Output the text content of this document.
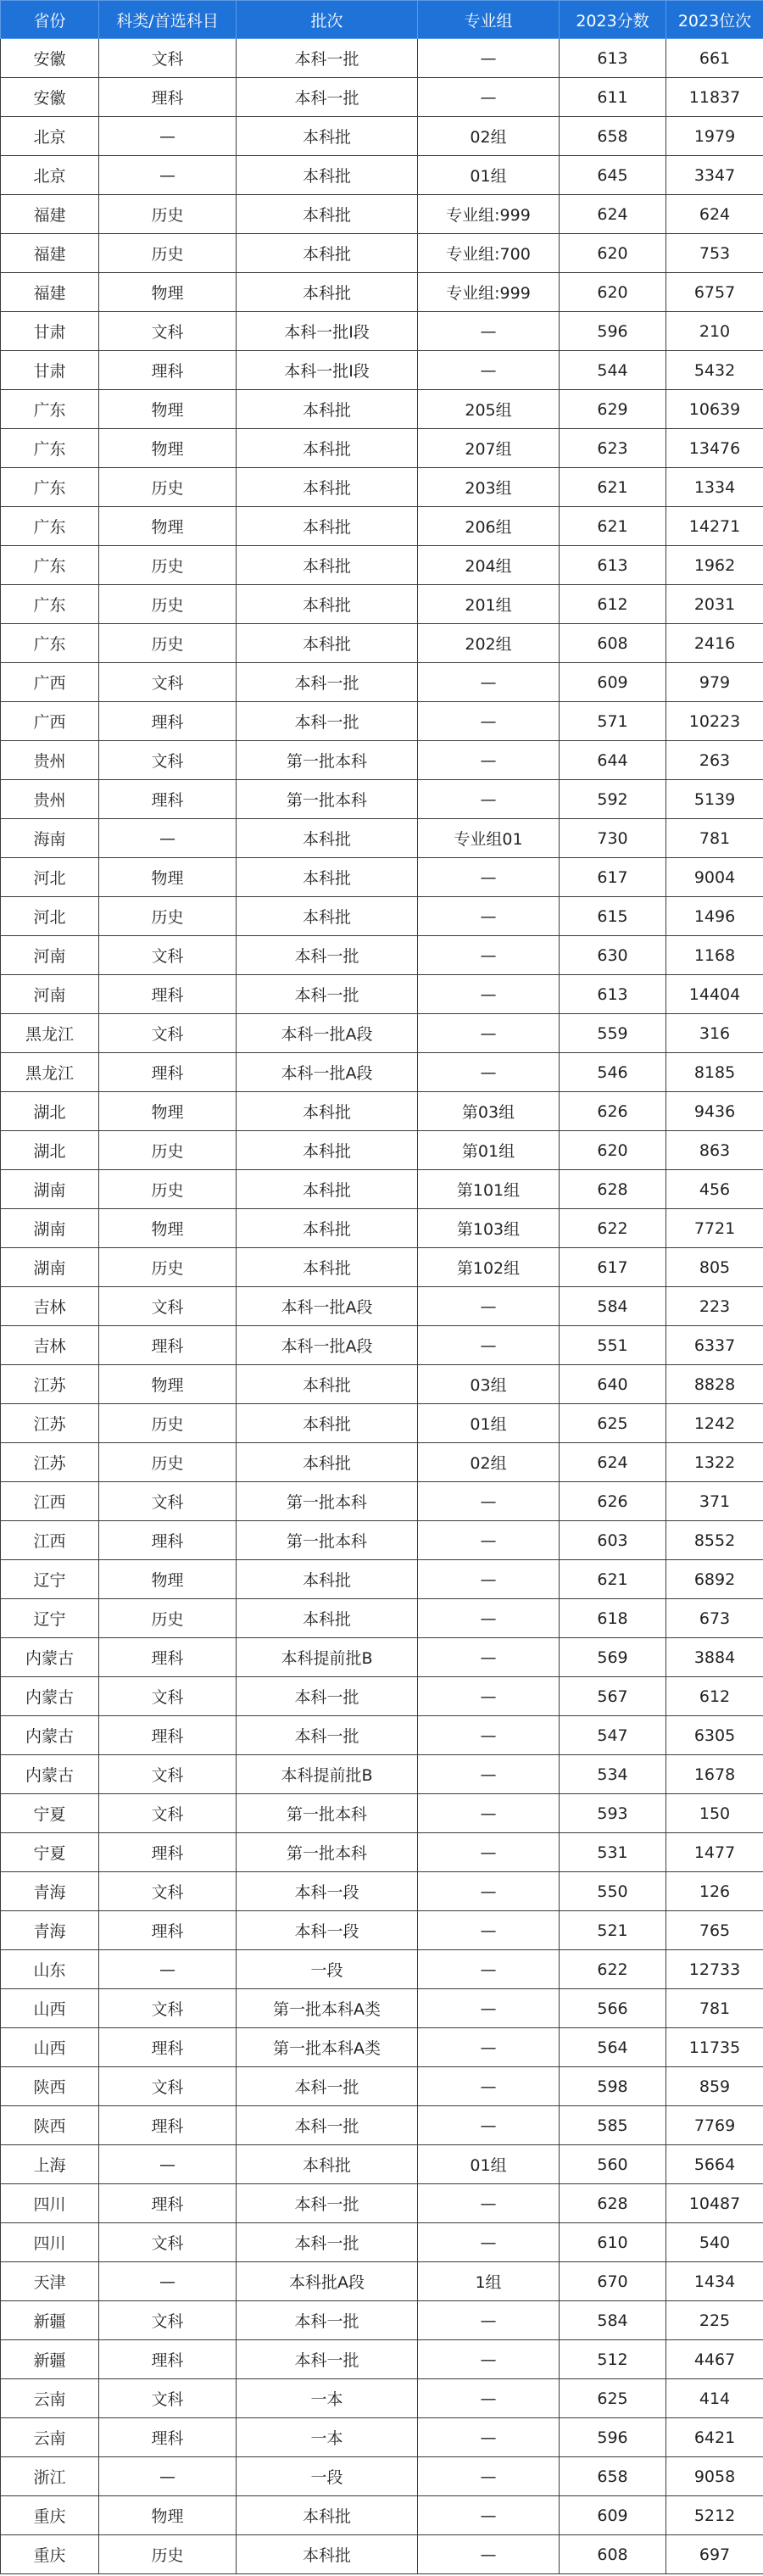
省份	科类/首选科目	批次	专业组	2023分数	2023位次
安徽	文科	本科一批	—	613	661
安徽	理科	本科一批	—	611	11837
北京	—	本科批	02组	658	1979
北京	—	本科批	01组	645	3347
福建	历史	本科批	专业组:999	624	624
福建	历史	本科批	专业组:700	620	753
福建	物理	本科批	专业组:999	620	6757
甘肃	文科	本科一批I段	—	596	210
甘肃	理科	本科一批I段	—	544	5432
广东	物理	本科批	205组	629	10639
广东	物理	本科批	207组	623	13476
广东	历史	本科批	203组	621	1334
广东	物理	本科批	206组	621	14271
广东	历史	本科批	204组	613	1962
广东	历史	本科批	201组	612	2031
广东	历史	本科批	202组	608	2416
广西	文科	本科一批	—	609	979
广西	理科	本科一批	—	571	10223
贵州	文科	第一批本科	—	644	263
贵州	理科	第一批本科	—	592	5139
海南	—	本科批	专业组01	730	781
河北	物理	本科批	—	617	9004
河北	历史	本科批	—	615	1496
河南	文科	本科一批	—	630	1168
河南	理科	本科一批	—	613	14404
黑龙江	文科	本科一批A段	—	559	316
黑龙江	理科	本科一批A段	—	546	8185
湖北	物理	本科批	第03组	626	9436
湖北	历史	本科批	第01组	620	863
湖南	历史	本科批	第101组	628	456
湖南	物理	本科批	第103组	622	7721
湖南	历史	本科批	第102组	617	805
吉林	文科	本科一批A段	—	584	223
吉林	理科	本科一批A段	—	551	6337
江苏	物理	本科批	03组	640	8828
江苏	历史	本科批	01组	625	1242
江苏	历史	本科批	02组	624	1322
江西	文科	第一批本科	—	626	371
江西	理科	第一批本科	—	603	8552
辽宁	物理	本科批	—	621	6892
辽宁	历史	本科批	—	618	673
内蒙古	理科	本科提前批B	—	569	3884
内蒙古	文科	本科一批	—	567	612
内蒙古	理科	本科一批	—	547	6305
内蒙古	文科	本科提前批B	—	534	1678
宁夏	文科	第一批本科	—	593	150
宁夏	理科	第一批本科	—	531	1477
青海	文科	本科一段	—	550	126
青海	理科	本科一段	—	521	765
山东	—	一段	—	622	12733
山西	文科	第一批本科A类	—	566	781
山西	理科	第一批本科A类	—	564	11735
陕西	文科	本科一批	—	598	859
陕西	理科	本科一批	—	585	7769
上海	—	本科批	01组	560	5664
四川	理科	本科一批	—	628	10487
四川	文科	本科一批	—	610	540
天津	—	本科批A段	1组	670	1434
新疆	文科	本科一批	—	584	225
新疆	理科	本科一批	—	512	4467
云南	文科	一本	—	625	414
云南	理科	一本	—	596	6421
浙江	—	一段	—	658	9058
重庆	物理	本科批	—	609	5212
重庆	历史	本科批	—	608	697
